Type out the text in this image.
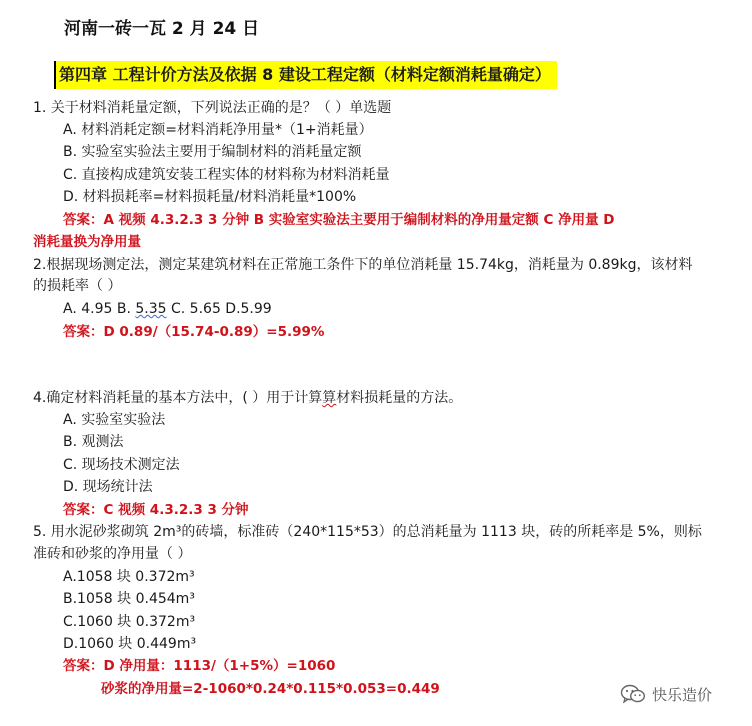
河南一砖一瓦 2 月 24 日
第四章 工程计价方法及依据 8 建设工程定额（材料定额消耗量确定）
1. 关于材料消耗量定额，下列说法正确的是？（ ）单选题
A. 材料消耗定额=材料消耗净用量*（1+消耗量）
B. 实验室实验法主要用于编制材料的消耗量定额
C. 直接构成建筑安装工程实体的材料称为材料消耗量
D. 材料损耗率=材料损耗量/材料消耗量*100%
答案：A 视频 4.3.2.3 3 分钟 B 实验室实验法主要用于编制材料的净用量定额 C 净用量 D
消耗量换为净用量
2.根据现场测定法，测定某建筑材料在正常施工条件下的单位消耗量 15.74kg，消耗量为 0.89kg，该材料
的损耗率（ ）
A. 4.95 B. 5.35 C. 5.65 D.5.99
答案：D 0.89/（15.74-0.89）=5.99%
4.确定材料消耗量的基本方法中，( ）用于计算算材料损耗量的方法。
A. 实验室实验法
B. 观测法
C. 现场技术测定法
D. 现场统计法
答案：C 视频 4.3.2.3 3 分钟
5. 用水泥砂浆砌筑 2m³的砖墙，标准砖（240*115*53）的总消耗量为 1113 块，砖的所耗率是 5%，则标
准砖和砂浆的净用量（ ）
A.1058 块 0.372m³
B.1058 块 0.454m³
C.1060 块 0.372m³
D.1060 块 0.449m³
答案：D 净用量：1113/（1+5%）=1060
砂浆的净用量=2-1060*0.24*0.115*0.053=0.449	快乐造价
